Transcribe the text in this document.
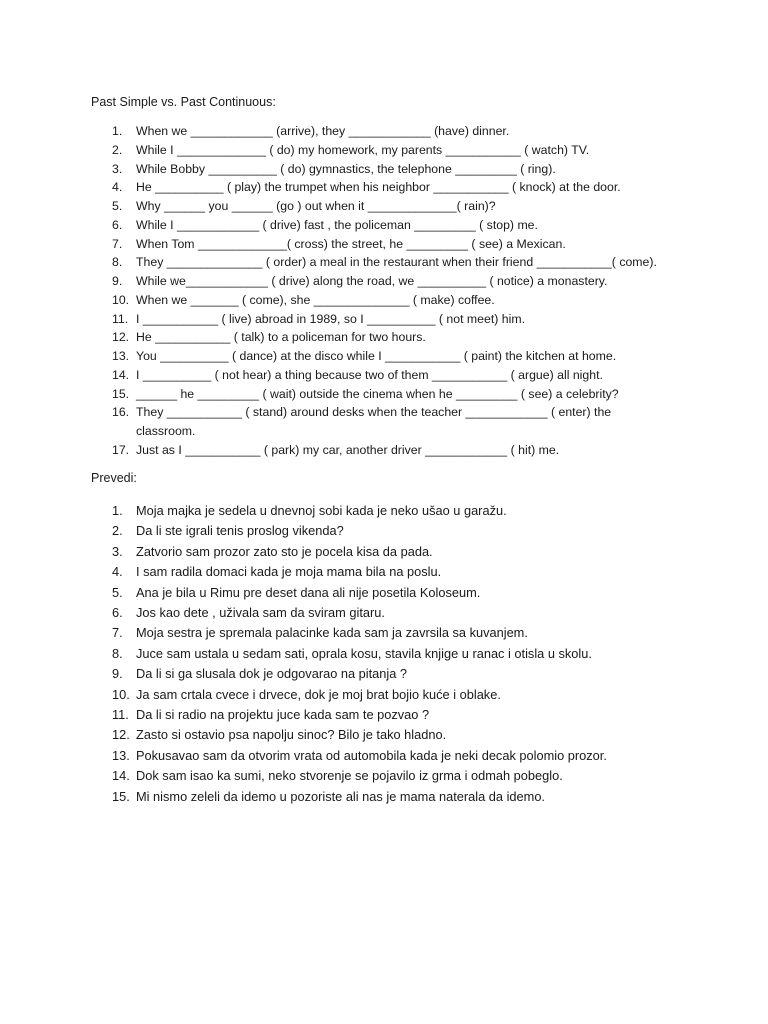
Past Simple vs. Past Continuous:
1. When we ____________ (arrive), they ____________ (have) dinner.
2. While I _____________ ( do) my homework, my parents ___________ ( watch) TV.
3. While Bobby __________ ( do) gymnastics, the telephone _________ ( ring).
4. He __________ ( play) the trumpet when his neighbor ___________ ( knock) at the door.
5. Why ______ you ______ (go ) out when it _____________( rain)?
6. While I ____________ ( drive) fast , the policeman _________ ( stop) me.
7. When Tom _____________( cross) the street, he _________ ( see) a Mexican.
8. They ______________ ( order) a meal in the restaurant when their friend ___________( come).
9. While we____________ ( drive) along the road, we __________ ( notice) a monastery.
10. When we _______ ( come), she ______________ ( make) coffee.
11. I ___________ ( live) abroad in 1989, so I __________ ( not meet) him.
12. He ___________ ( talk) to a policeman for two hours.
13. You __________ ( dance) at the disco while I ___________ ( paint) the kitchen at home.
14. I __________ ( not hear) a thing because two of them ___________ ( argue) all night.
15. ______ he _________ ( wait) outside the cinema when he _________ ( see) a celebrity?
16. They ___________ ( stand) around desks when the teacher ____________ ( enter) the
classroom.
17. Just as I ___________ ( park) my car, another driver ____________ ( hit) me.
Prevedi:
1. Moja majka je sedela u dnevnoj sobi kada je neko ušao u garažu.
2. Da li ste igrali tenis proslog vikenda?
3. Zatvorio sam prozor zato sto je pocela kisa da pada.
4. I sam radila domaci kada je moja mama bila na poslu.
5. Ana je bila u Rimu pre deset dana ali nije posetila Koloseum.
6. Jos kao dete , uživala sam da sviram gitaru.
7. Moja sestra je spremala palacinke kada sam ja zavrsila sa kuvanjem.
8. Juce sam ustala u sedam sati, oprala kosu, stavila knjige u ranac i otisla u skolu.
9. Da li si ga slusala dok je odgovarao na pitanja ?
10. Ja sam crtala cvece i drvece, dok je moj brat bojio kuće i oblake.
11. Da li si radio na projektu juce kada sam te pozvao ?
12. Zasto si ostavio psa napolju sinoc? Bilo je tako hladno.
13. Pokusavao sam da otvorim vrata od automobila kada je neki decak polomio prozor.
14. Dok sam isao ka sumi, neko stvorenje se pojavilo iz grma i odmah pobeglo.
15. Mi nismo zeleli da idemo u pozoriste ali nas je mama naterala da idemo.
